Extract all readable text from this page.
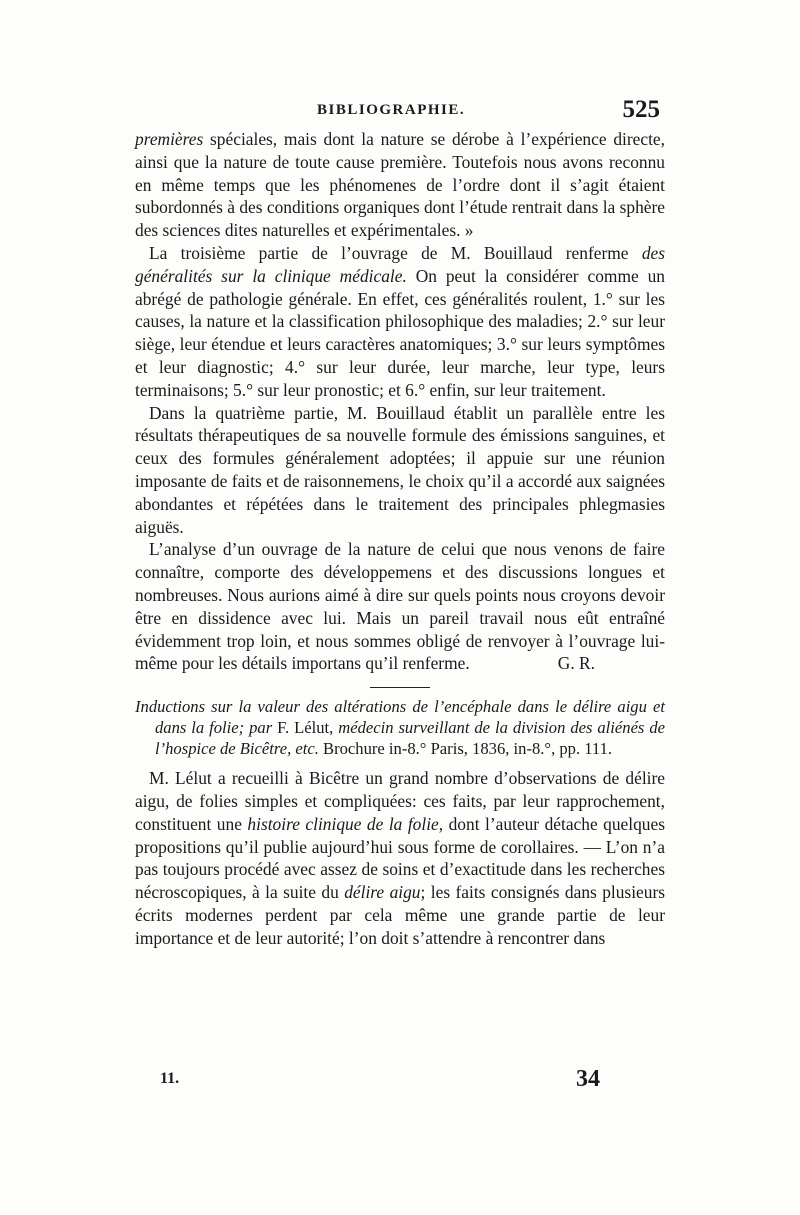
BIBLIOGRAPHIE.	525

premières spéciales, mais dont la nature se dérobe à l’expérience directe, ainsi que la nature de toute cause première. Toutefois nous avons reconnu en même temps que les phénomenes de l’ordre dont il s’agit étaient subordonnés à des conditions organiques dont l’étude rentrait dans la sphère des sciences dites naturelles et expérimentales. »

La troisième partie de l’ouvrage de M. Bouillaud renferme des généralités sur la clinique médicale. On peut la considérer comme un abrégé de pathologie générale. En effet, ces généralités roulent, 1.° sur les causes, la nature et la classification philosophique des maladies; 2.° sur leur siège, leur étendue et leurs caractères anatomiques; 3.° sur leurs symptômes et leur diagnostic; 4.° sur leur durée, leur marche, leur type, leurs terminaisons; 5.° sur leur pronostic; et 6.° enfin, sur leur traitement.

Dans la quatrième partie, M. Bouillaud établit un parallèle entre les résultats thérapeutiques de sa nouvelle formule des émissions sanguines, et ceux des formules généralement adoptées; il appuie sur une réunion imposante de faits et de raisonnemens, le choix qu’il a accordé aux saignées abondantes et répétées dans le traitement des principales phlegmasies aiguës.

L’analyse d’un ouvrage de la nature de celui que nous venons de faire connaître, comporte des développemens et des discussions longues et nombreuses. Nous aurions aimé à dire sur quels points nous croyons devoir être en dissidence avec lui. Mais un pareil travail nous eût entraîné évidemment trop loin, et nous sommes obligé de renvoyer à l’ouvrage lui-même pour les détails importans qu’il renferme.	G. R.

Inductions sur la valeur des altérations de l’encéphale dans le délire aigu et dans la folie; par F. Lélut, médecin surveillant de la division des aliénés de l’hospice de Bicêtre, etc. Brochure in-8.° Paris, 1836, in-8.°, pp. 111.

M. Lélut a recueilli à Bicêtre un grand nombre d’observations de délire aigu, de folies simples et compliquées: ces faits, par leur rapprochement, constituent une histoire clinique de la folie, dont l’auteur détache quelques propositions qu’il publie aujourd’hui sous forme de corollaires. — L’on n’a pas toujours procédé avec assez de soins et d’exactitude dans les recherches nécroscopiques, à la suite du délire aigu; les faits consignés dans plusieurs écrits modernes perdent par cela même une grande partie de leur importance et de leur autorité; l’on doit s’attendre à rencontrer dans

11.	34
